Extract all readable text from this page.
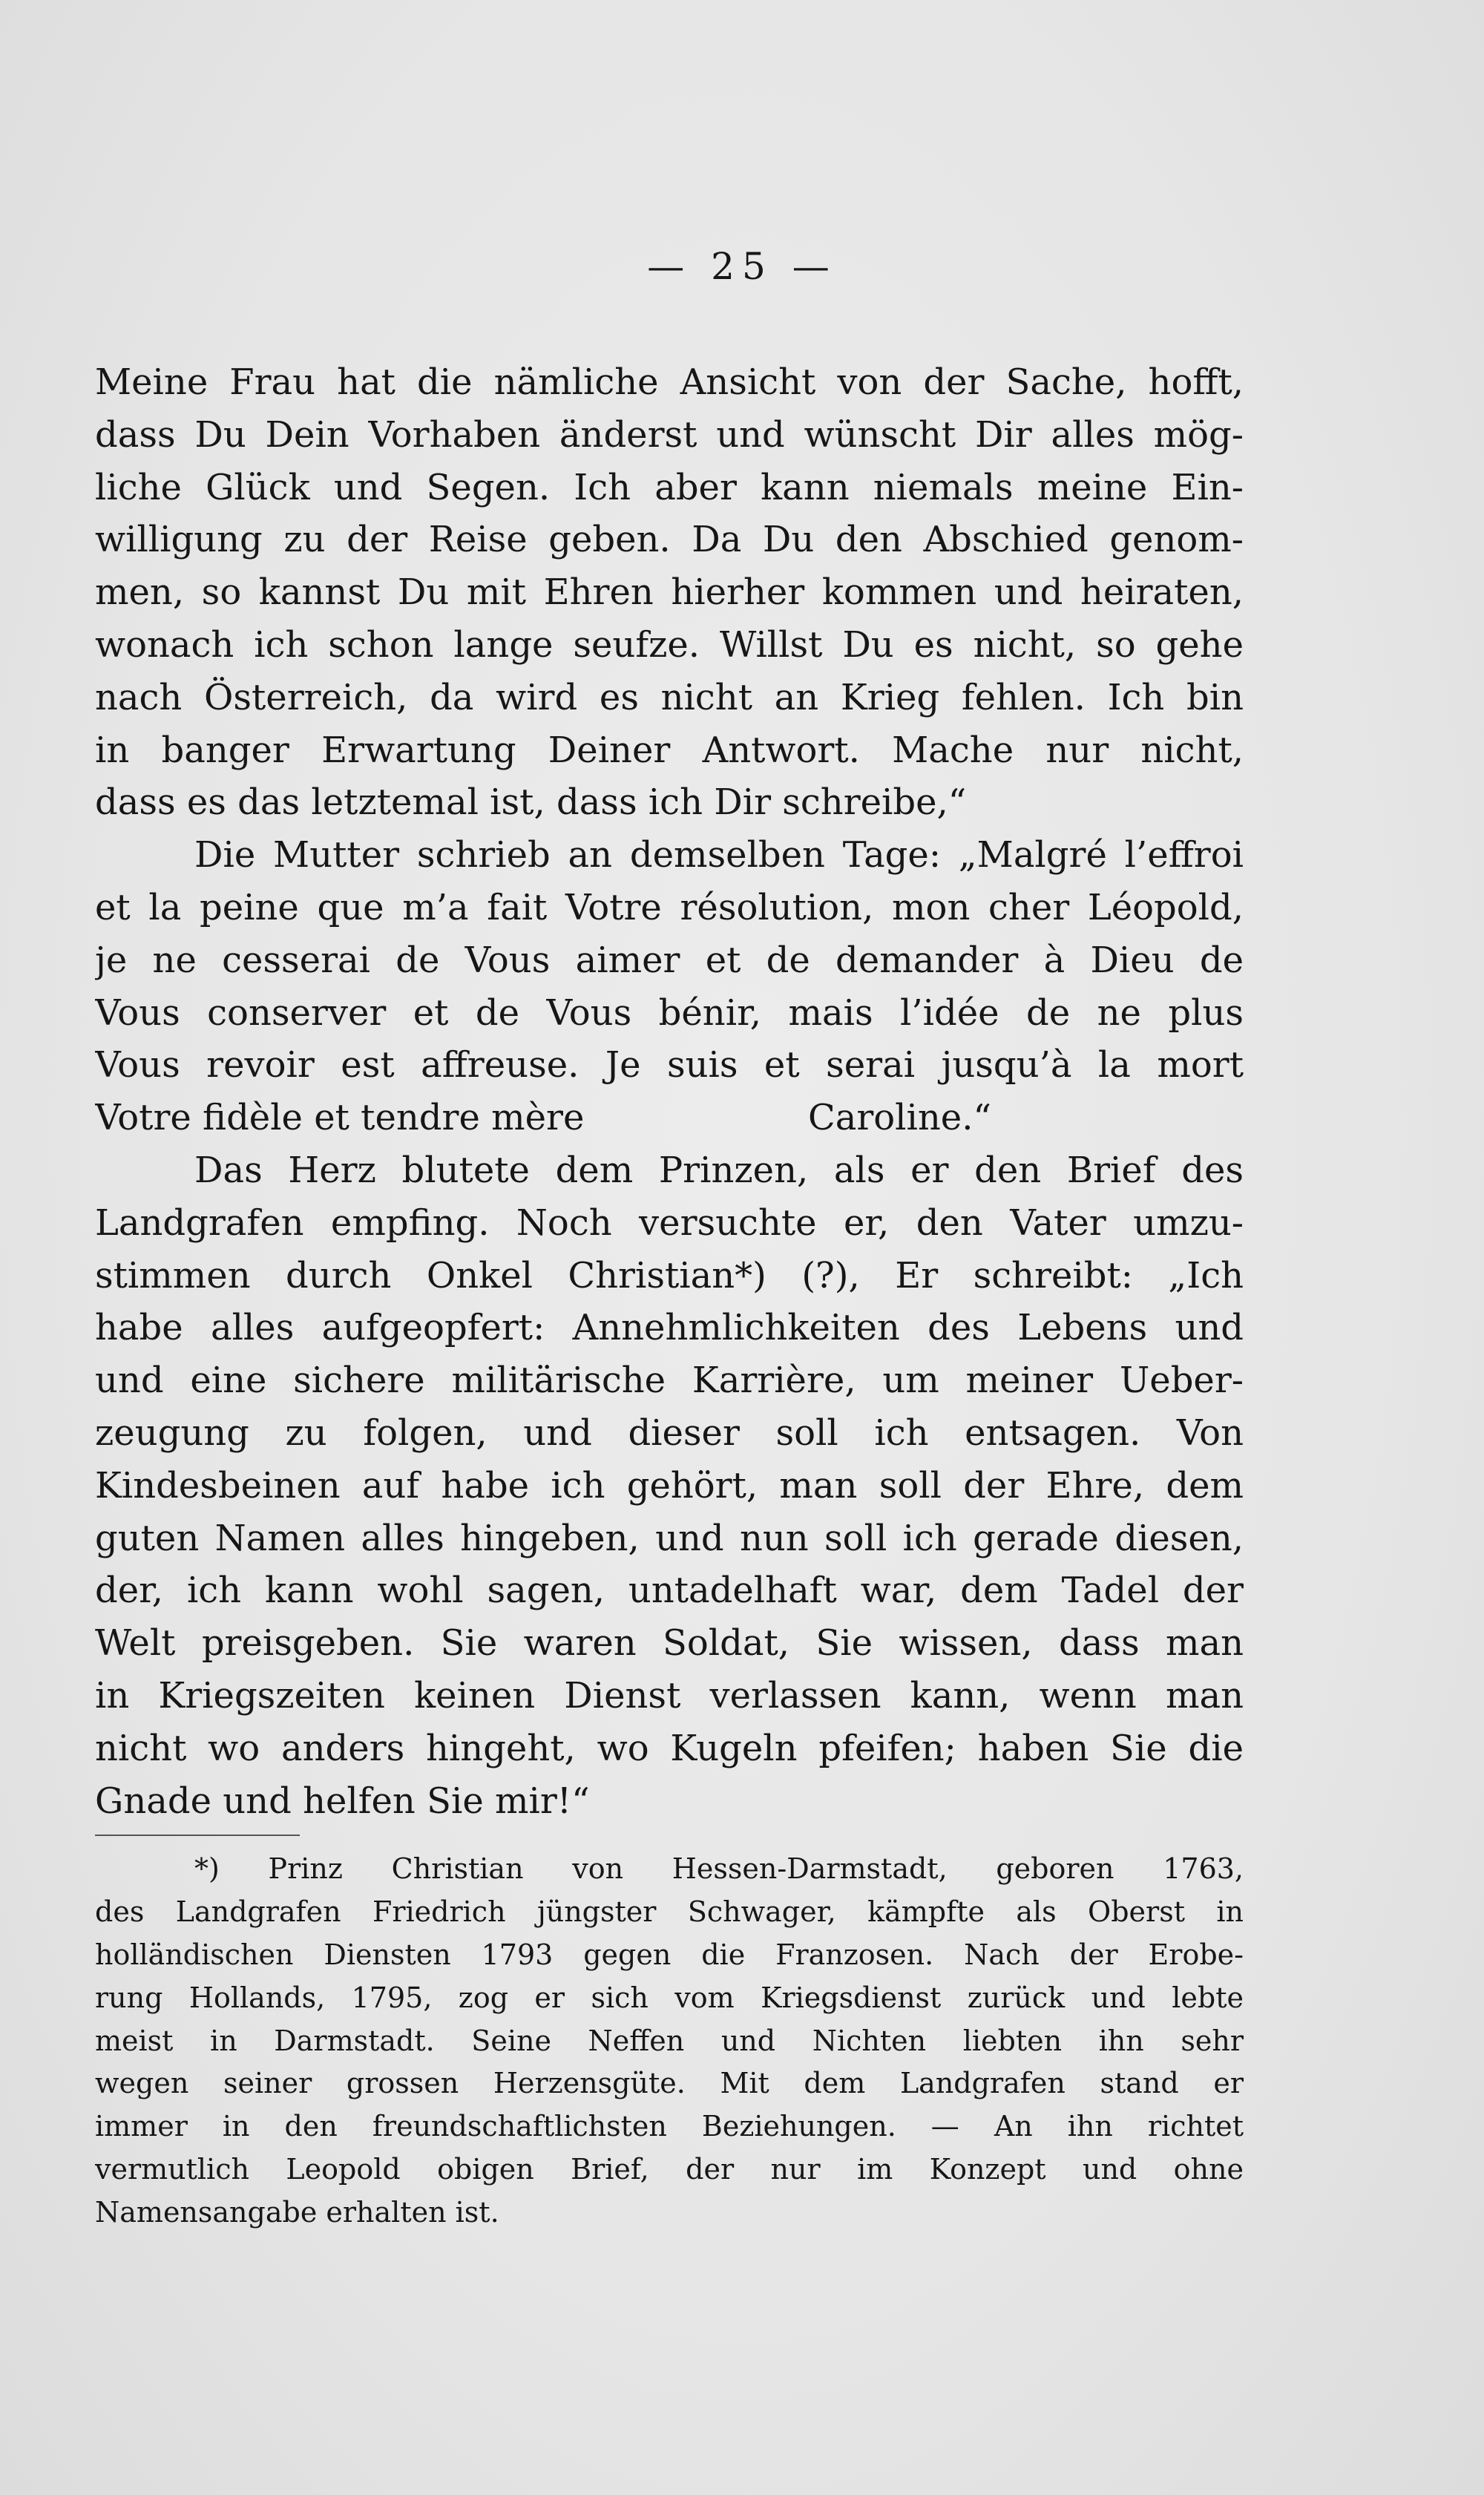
— 25 —
Meine Frau hat die nämliche Ansicht von der Sache, hofft,
dass Du Dein Vorhaben änderst und wünscht Dir alles mög-
liche Glück und Segen. Ich aber kann niemals meine Ein-
willigung zu der Reise geben. Da Du den Abschied genom-
men, so kannst Du mit Ehren hierher kommen und heiraten,
wonach ich schon lange seufze. Willst Du es nicht, so gehe
nach Österreich, da wird es nicht an Krieg fehlen. Ich bin
in banger Erwartung Deiner Antwort. Mache nur nicht,
dass es das letztemal ist, dass ich Dir schreibe,“
Die Mutter schrieb an demselben Tage: „Malgré l’effroi
et la peine que m’a fait Votre résolution, mon cher Léopold,
je ne cesserai de Vous aimer et de demander à Dieu de
Vous conserver et de Vous bénir, mais l’idée de ne plus
Vous revoir est affreuse. Je suis et serai jusqu’à la mort
Votre fidèle et tendre mère	Caroline.“
Das Herz blutete dem Prinzen, als er den Brief des
Landgrafen empfing. Noch versuchte er, den Vater umzu-
stimmen durch Onkel Christian*) (?), Er schreibt: „Ich
habe alles aufgeopfert: Annehmlichkeiten des Lebens und
und eine sichere militärische Karrière, um meiner Ueber-
zeugung zu folgen, und dieser soll ich entsagen. Von
Kindesbeinen auf habe ich gehört, man soll der Ehre, dem
guten Namen alles hingeben, und nun soll ich gerade diesen,
der, ich kann wohl sagen, untadelhaft war, dem Tadel der
Welt preisgeben. Sie waren Soldat, Sie wissen, dass man
in Kriegszeiten keinen Dienst verlassen kann, wenn man
nicht wo anders hingeht, wo Kugeln pfeifen; haben Sie die
Gnade und helfen Sie mir!“
*) Prinz Christian von Hessen-Darmstadt, geboren 1763,
des Landgrafen Friedrich jüngster Schwager, kämpfte als Oberst in
holländischen Diensten 1793 gegen die Franzosen. Nach der Erobe-
rung Hollands, 1795, zog er sich vom Kriegsdienst zurück und lebte
meist in Darmstadt. Seine Neffen und Nichten liebten ihn sehr
wegen seiner grossen Herzensgüte. Mit dem Landgrafen stand er
immer in den freundschaftlichsten Beziehungen. — An ihn richtet
vermutlich Leopold obigen Brief, der nur im Konzept und ohne
Namensangabe erhalten ist.
